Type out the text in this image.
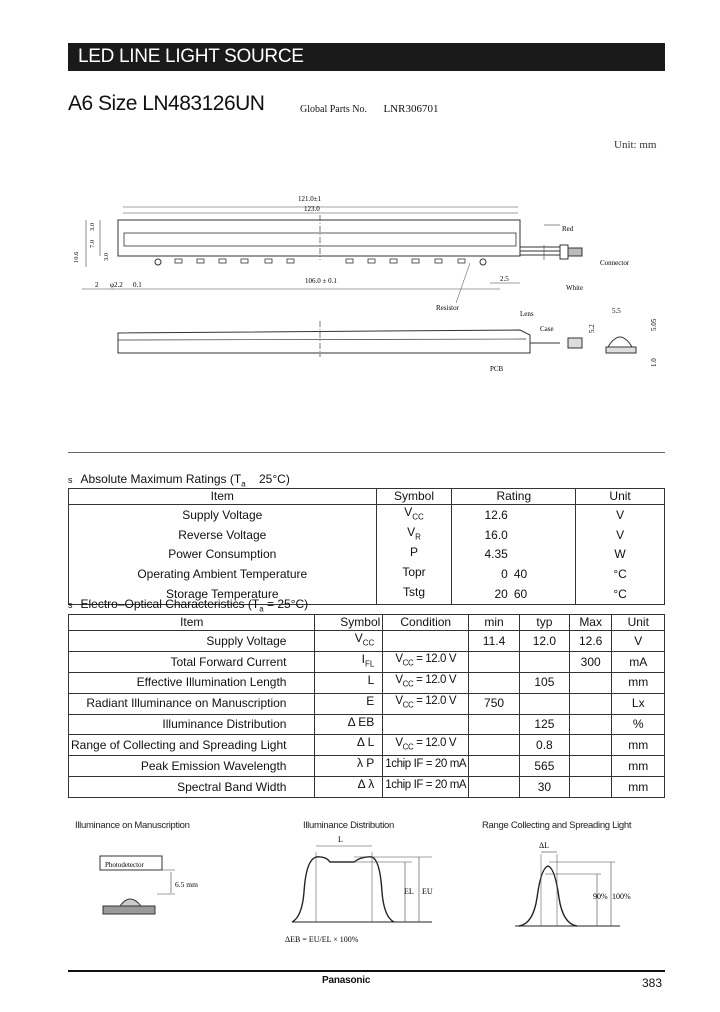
LED LINE LIGHT SOURCE
A6 Size LN483126UN	Global Parts No. LNR306701
Unit: mm
121.0±1
123.0
10.6
3.0
7.0
3.0
2 φ2.2 0.1	106.0 ± 0.1	2.5
Red
Connector
White
Resistor
Lens
Case
PCB
5.5
5.05
1.0
5.2
s Absolute Maximum Ratings ($T_a$    25°C)
Item	Symbol	Rating		Unit
Supply Voltage	$V_{CC}$	12.6		V
Reverse Voltage	$V_R$	16.0		V
Power Consumption	P	4.35		W
Operating Ambient Temperature	Topr	0	40	°C
Storage Temperature	Tstg	20	60	°C
s Electro–Optical Characteristics $(T_a = 25^\circ C)$
Item	Symbol	Condition	min	typ	Max	Unit
Supply Voltage	$V_{CC}$		11.4	12.0	12.6	V
Total Forward Current	$I_{FL}$	$V_{CC} = 12.0$ V			300	mA
Effective Illumination Length	L	$V_{CC} = 12.0$ V		105		mm
Radiant Illuminance on Manuscription	E	$V_{CC} = 12.0$ V	750			Lx
Illuminance Distribution	Δ EB			125		%
Range of Collecting and Spreading Light	Δ L	$V_{CC} = 12.0$ V		0.8		mm
Peak Emission Wavelength	λ P	1chip IF = 20 mA		565		mm
Spectral Band Width	Δ λ	1chip IF = 20 mA		30		mm
Illuminance on Manuscription
Photodetector
6.5 mm
Illuminance Distribution
L
EL EU
ΔEB = EU/EL × 100%
Range Collecting and Spreading Light
ΔL
90% 100%
Panasonic	383
